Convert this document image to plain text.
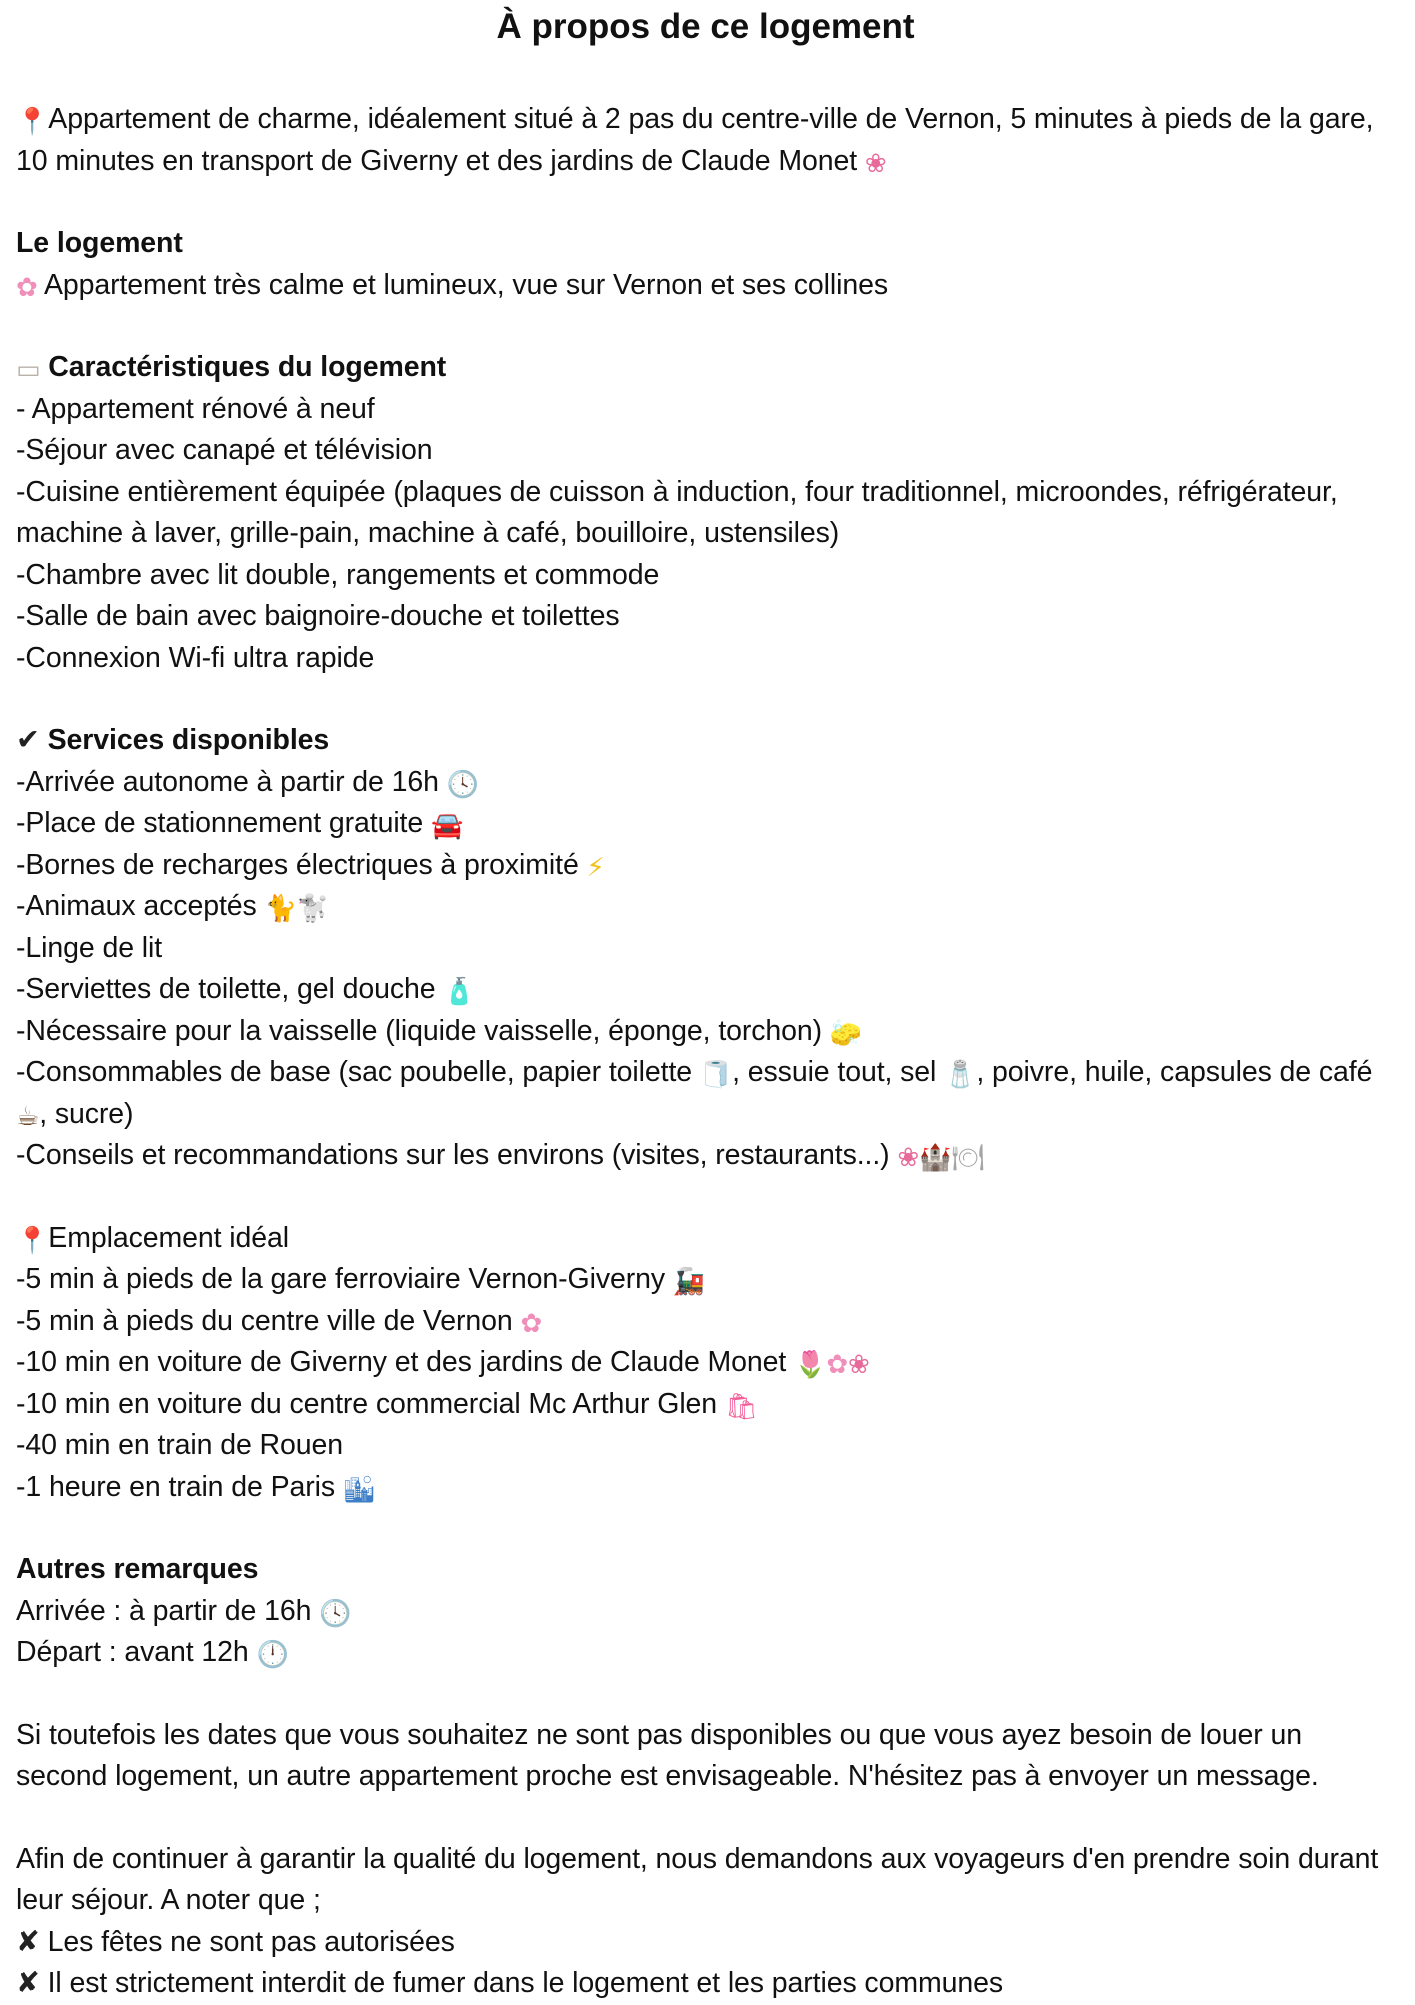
À propos de ce logement
📍Appartement de charme, idéalement situé à 2 pas du centre-ville de Vernon, 5 minutes à pieds de la gare, 10 minutes en transport de Giverny et des jardins de Claude Monet ❀
Le logement
✿ Appartement très calme et lumineux, vue sur Vernon et ses collines
▭ Caractéristiques du logement
- Appartement rénové à neuf
-Séjour avec canapé et télévision
-Cuisine entièrement équipée (plaques de cuisson à induction, four traditionnel, microondes, réfrigérateur, machine à laver, grille-pain, machine à café, bouilloire, ustensiles)
-Chambre avec lit double, rangements et commode
-Salle de bain avec baignoire-douche et toilettes
-Connexion Wi-fi ultra rapide
✔ Services disponibles
-Arrivée autonome à partir de 16h 🕓
-Place de stationnement gratuite 🚘
-Bornes de recharges électriques à proximité ⚡
-Animaux acceptés 🐈🐩
-Linge de lit
-Serviettes de toilette, gel douche 🧴
-Nécessaire pour la vaisselle (liquide vaisselle, éponge, torchon) 🧽
-Consommables de base (sac poubelle, papier toilette 🧻, essuie tout, sel 🧂, poivre, huile, capsules de café ☕, sucre)
-Conseils et recommandations sur les environs (visites, restaurants...) ❀🏰🍽
📍Emplacement idéal
-5 min à pieds de la gare ferroviaire Vernon-Giverny 🚂
-5 min à pieds du centre ville de Vernon ✿
-10 min en voiture de Giverny et des jardins de Claude Monet 🌷✿❀
-10 min en voiture du centre commercial Mc Arthur Glen 🛍
-40 min en train de Rouen
-1 heure en train de Paris 🏙
Autres remarques
Arrivée : à partir de 16h 🕓
Départ : avant 12h 🕛
Si toutefois les dates que vous souhaitez ne sont pas disponibles ou que vous ayez besoin de louer un second logement, un autre appartement proche est envisageable. N'hésitez pas à envoyer un message.
Afin de continuer à garantir la qualité du logement, nous demandons aux voyageurs d'en prendre soin durant leur séjour. A noter que ;
✘ Les fêtes ne sont pas autorisées
✘ Il est strictement interdit de fumer dans le logement et les parties communes
